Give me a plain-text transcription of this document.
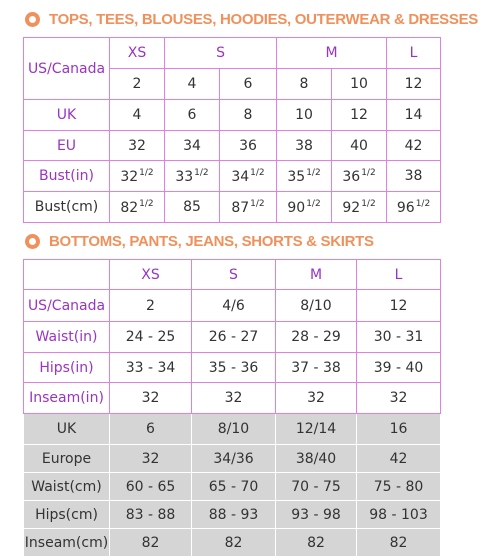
TOPS, TEES, BLOUSES, HOODIES, OUTERWEAR & DRESSES
US/Canada	XS	S		M		L
	2	4	6	8	10	12
UK	4	6	8	10	12	14
EU	32	34	36	38	40	42
Bust(in)	$32^{1/2}$	$33^{1/2}$	$34^{1/2}$	$35^{1/2}$	$36^{1/2}$	38
Bust(cm)	$82^{1/2}$	85	$87^{1/2}$	$90^{1/2}$	$92^{1/2}$	$96^{1/2}$
BOTTOMS, PANTS, JEANS, SHORTS & SKIRTS
	XS	S	M	L
US/Canada	2	4/6	8/10	12
Waist(in)	24 - 25	26 - 27	28 - 29	30 - 31
Hips(in)	33 - 34	35 - 36	37 - 38	39 - 40
Inseam(in)	32	32	32	32
UK	6	8/10	12/14	16
Europe	32	34/36	38/40	42
Waist(cm)	60 - 65	65 - 70	70 - 75	75 - 80
Hips(cm)	83 - 88	88 - 93	93 - 98	98 - 103
Inseam(cm)	82	82	82	82
